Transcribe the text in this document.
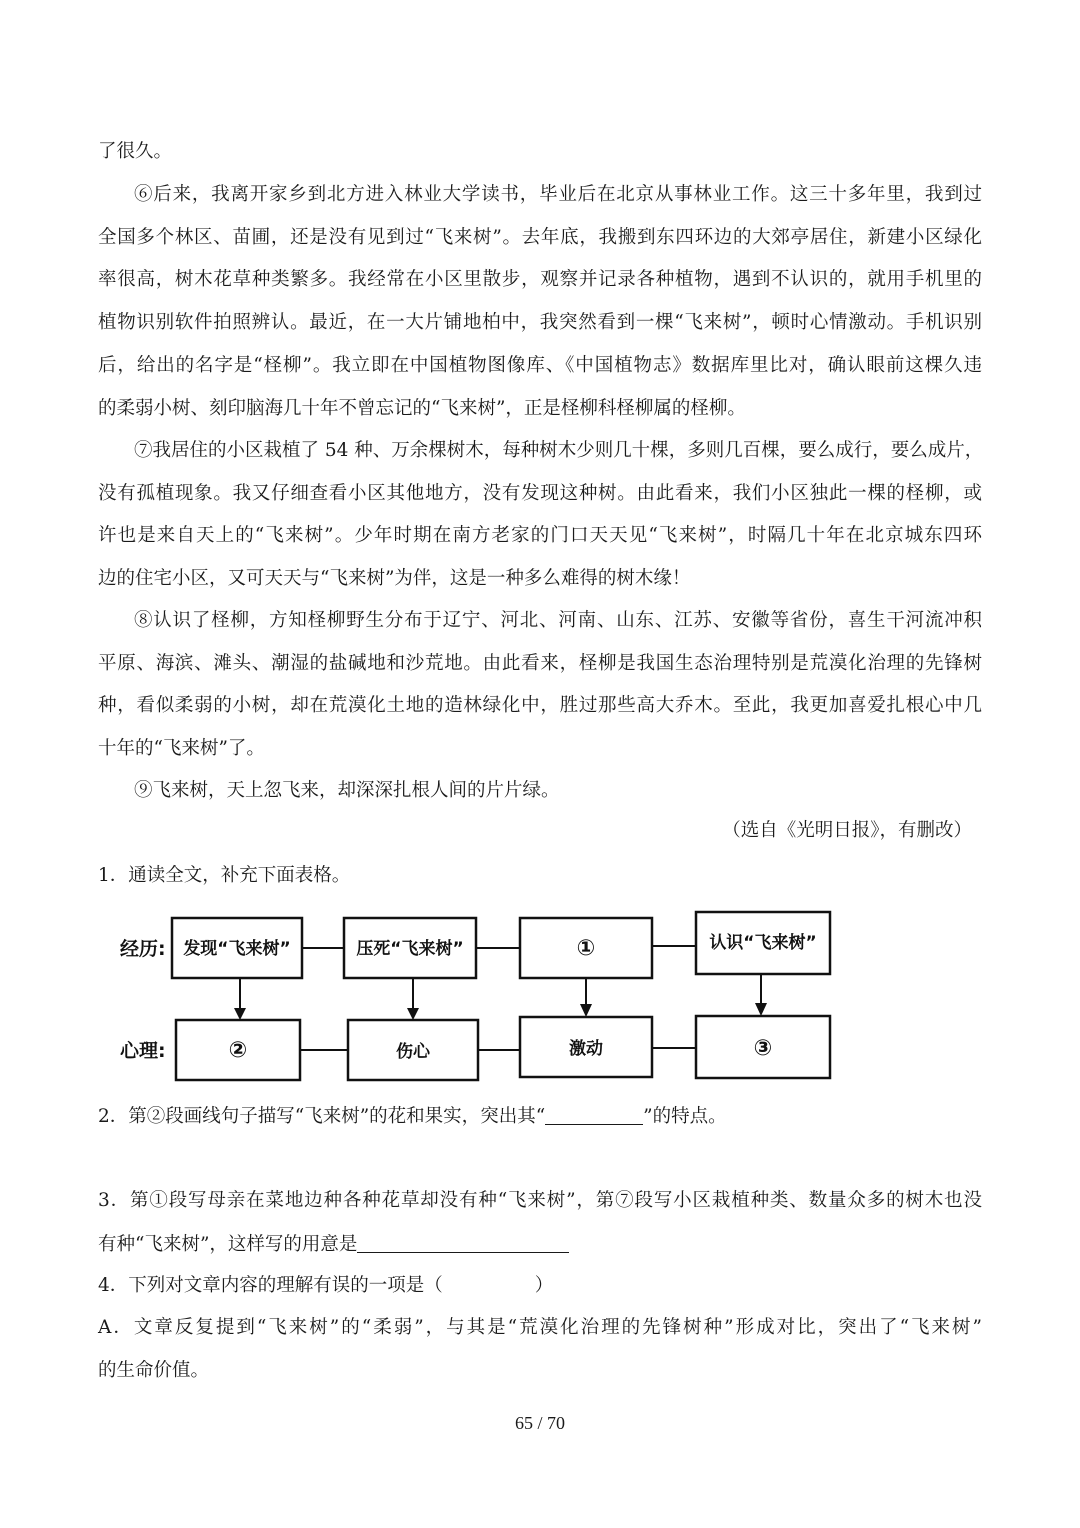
了很久。
⑥后来，我离开家乡到北方进入林业大学读书，毕业后在北京从事林业工作。这三十多年里，我到过
全国多个林区、苗圃，还是没有见到过“飞来树”。去年底，我搬到东四环边的大郊亭居住，新建小区绿化
率很高，树木花草种类繁多。我经常在小区里散步，观察并记录各种植物，遇到不认识的，就用手机里的
植物识别软件拍照辨认。最近，在一大片铺地柏中，我突然看到一棵“飞来树”，顿时心情激动。手机识别
后，给出的名字是“柽柳”。我立即在中国植物图像库、《中国植物志》数据库里比对，确认眼前这棵久违
的柔弱小树、刻印脑海几十年不曾忘记的“飞来树”，正是柽柳科柽柳属的柽柳。
⑦我居住的小区栽植了 54 种、万余棵树木，每种树木少则几十棵，多则几百棵，要么成行，要么成片，
没有孤植现象。我又仔细查看小区其他地方，没有发现这种树。由此看来，我们小区独此一棵的柽柳，或
许也是来自天上的“飞来树”。少年时期在南方老家的门口天天见“飞来树”，时隔几十年在北京城东四环
边的住宅小区，又可天天与“飞来树”为伴，这是一种多么难得的树木缘！
⑧认识了柽柳，方知柽柳野生分布于辽宁、河北、河南、山东、江苏、安徽等省份，喜生干河流冲积
平原、海滨、滩头、潮湿的盐碱地和沙荒地。由此看来，柽柳是我国生态治理特别是荒漠化治理的先锋树
种，看似柔弱的小树，却在荒漠化土地的造林绿化中，胜过那些高大乔木。至此，我更加喜爱扎根心中几
十年的“飞来树”了。
⑨飞来树，天上忽飞来，却深深扎根人间的片片绿。
（选自《光明日报》，有删改）
1．通读全文，补充下面表格。
经历:
心理:
发现“飞来树”	压死“飞来树”	①	认识“飞来树”
②	伤心	激动	③
2．第②段画线句子描写“飞来树”的花和果实，突出其“	”的特点。
3．第①段写母亲在菜地边种各种花草却没有种“飞来树”，第⑦段写小区栽植种类、数量众多的树木也没
有种“飞来树”，这样写的用意是
4．下列对文章内容的理解有误的一项是（	）
A．文章反复提到“飞来树”的“柔弱”，与其是“荒漠化治理的先锋树种”形成对比，突出了“飞来树”
的生命价值。
65 / 70
